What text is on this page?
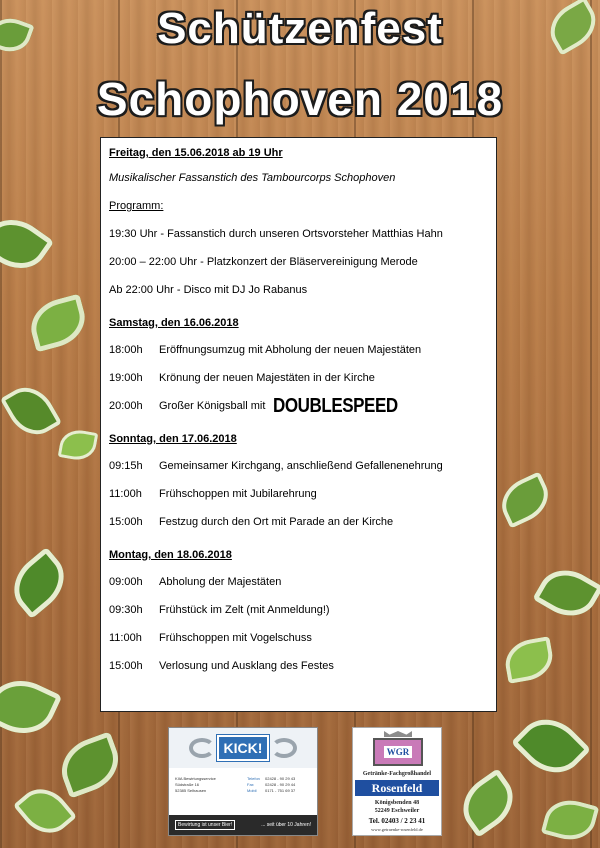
Schützenfest
Schophoven 2018
Freitag, den 15.06.2018 ab 19 Uhr
Musikalischer Fassanstich des Tambourcorps Schophoven
Programm:
19:30 Uhr - Fassanstich durch unseren Ortsvorsteher Matthias Hahn
20:00 – 22:00 Uhr - Platzkonzert der Bläservereinigung Merode
Ab 22:00 Uhr - Disco mit DJ Jo Rabanus
Samstag, den 16.06.2018
18:00h	Eröffnungsumzug mit Abholung der neuen Majestäten
19:00h	Krönung der neuen Majestäten in der Kirche
20:00h	Großer Königsball mit DOUBLESPEED
Sonntag, den 17.06.2018
09:15h	Gemeinsamer Kirchgang, anschließend Gefallenenehrung
11:00h	Frühschoppen mit Jubilarehrung
15:00h	Festzug durch den Ort mit Parade an der Kirche
Montag, den 18.06.2018
09:00h	Abholung der Majestäten
09:30h	Frühstück im Zelt (mit Anmeldung!)
11:00h	Frühschoppen mit Vogelschuss
15:00h	Verlosung und Ausklang des Festes
KICK!
KIIA Bewirtungsservice
Südstraße 16
52385 Selhausen
Telefon 02428 - 90 29 43
Fax	02428 - 90 29 44
Mobil 0171 - 751 69 37
Bewirtung ist unser Bier!	... seit über 10 Jahren!
WGR
Getränke-Fachgroßhandel
Rosenfeld
Königsbenden 48
52249 Eschweiler
Tel. 02403 / 2 23 41
www.getraenke-rosenfeld.de
